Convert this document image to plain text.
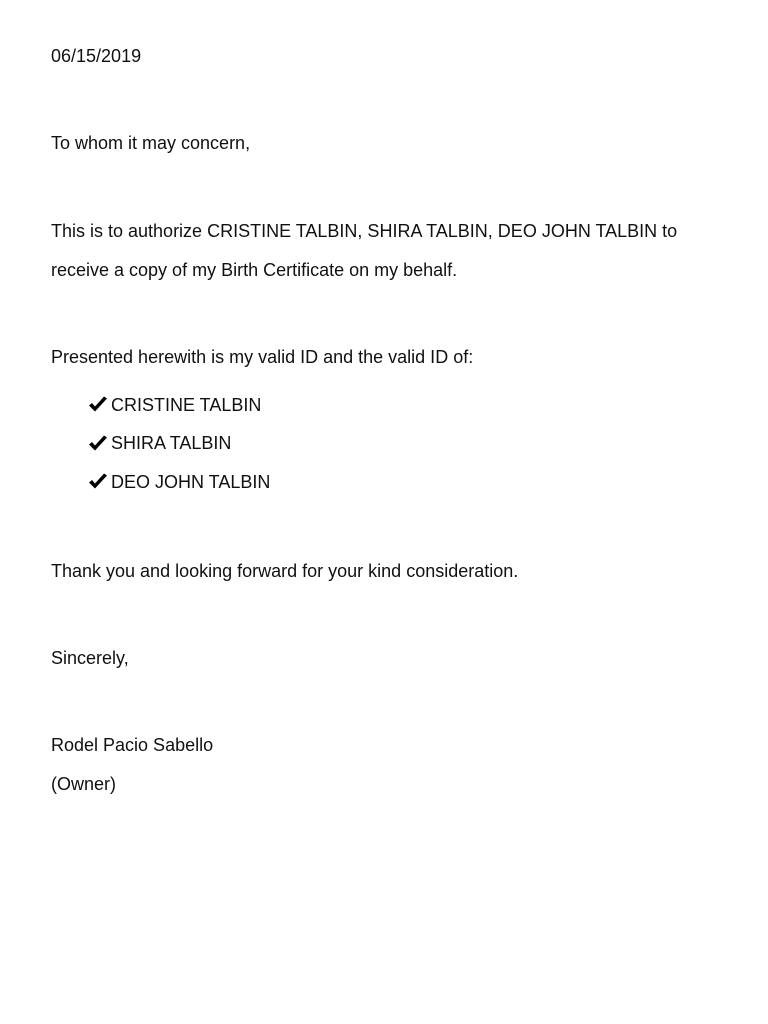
06/15/2019
To whom it may concern,
This is to authorize CRISTINE TALBIN, SHIRA TALBIN, DEO JOHN TALBIN to
receive a copy of my Birth Certificate on my behalf.
Presented herewith is my valid ID and the valid ID of:
CRISTINE TALBIN
SHIRA TALBIN
DEO JOHN TALBIN
Thank you and looking forward for your kind consideration.
Sincerely,
Rodel Pacio Sabello
(Owner)
